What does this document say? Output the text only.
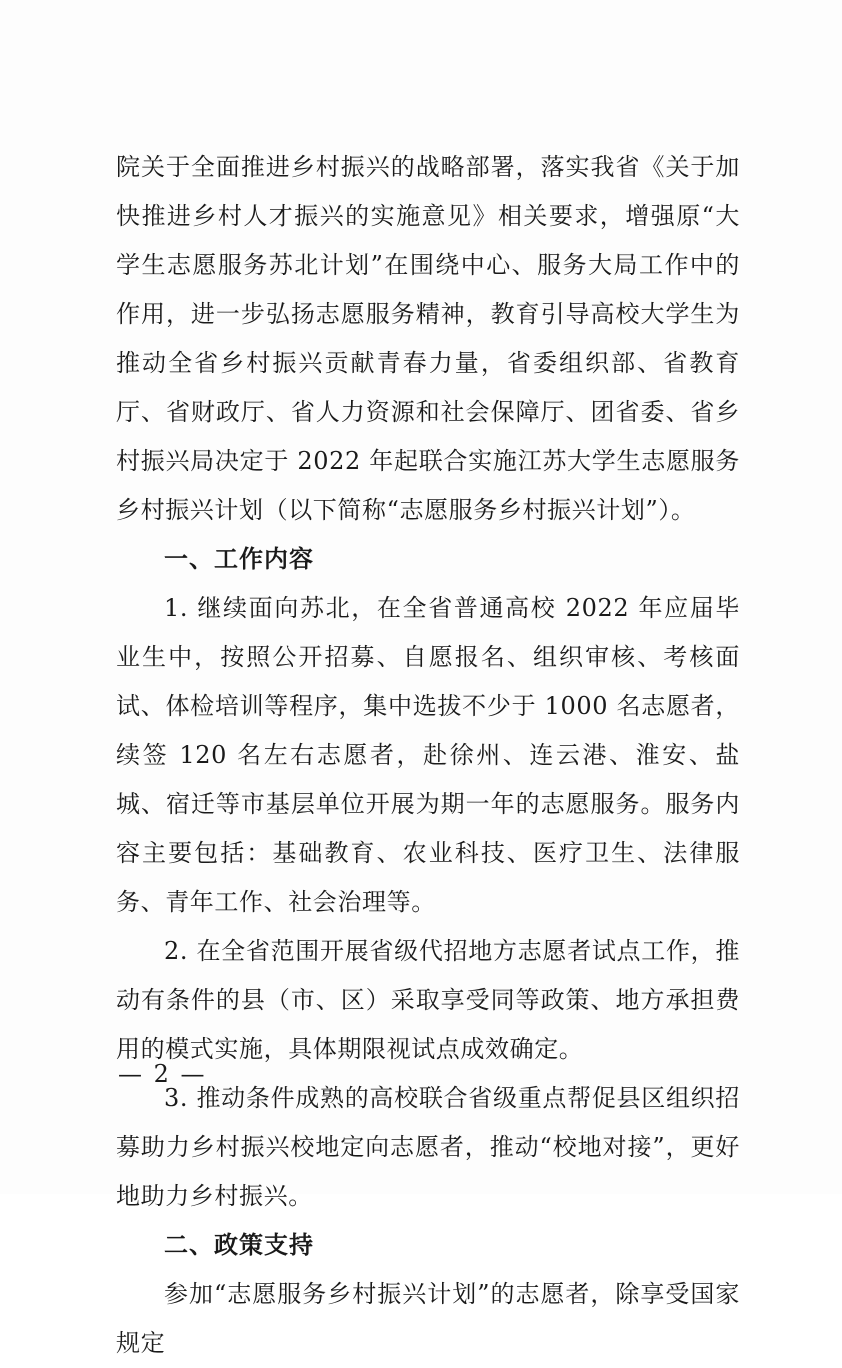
院关于全面推进乡村振兴的战略部署，落实我省《关于加快推进乡村人才振兴的实施意见》相关要求，增强原“大学生志愿服务苏北计划”在围绕中心、服务大局工作中的作用，进一步弘扬志愿服务精神，教育引导高校大学生为推动全省乡村振兴贡献青春力量，省委组织部、省教育厅、省财政厅、省人力资源和社会保障厅、团省委、省乡村振兴局决定于 2022 年起联合实施江苏大学生志愿服务乡村振兴计划（以下简称“志愿服务乡村振兴计划”）。

一、工作内容

1. 继续面向苏北，在全省普通高校 2022 年应届毕业生中，按照公开招募、自愿报名、组织审核、考核面试、体检培训等程序，集中选拔不少于 1000 名志愿者，续签 120 名左右志愿者，赴徐州、连云港、淮安、盐城、宿迁等市基层单位开展为期一年的志愿服务。服务内容主要包括：基础教育、农业科技、医疗卫生、法律服务、青年工作、社会治理等。

2. 在全省范围开展省级代招地方志愿者试点工作，推动有条件的县（市、区）采取享受同等政策、地方承担费用的模式实施，具体期限视试点成效确定。

3. 推动条件成熟的高校联合省级重点帮促县区组织招募助力乡村振兴校地定向志愿者，推动“校地对接”，更好地助力乡村振兴。

二、政策支持

参加“志愿服务乡村振兴计划”的志愿者，除享受国家规定

— 2 —
